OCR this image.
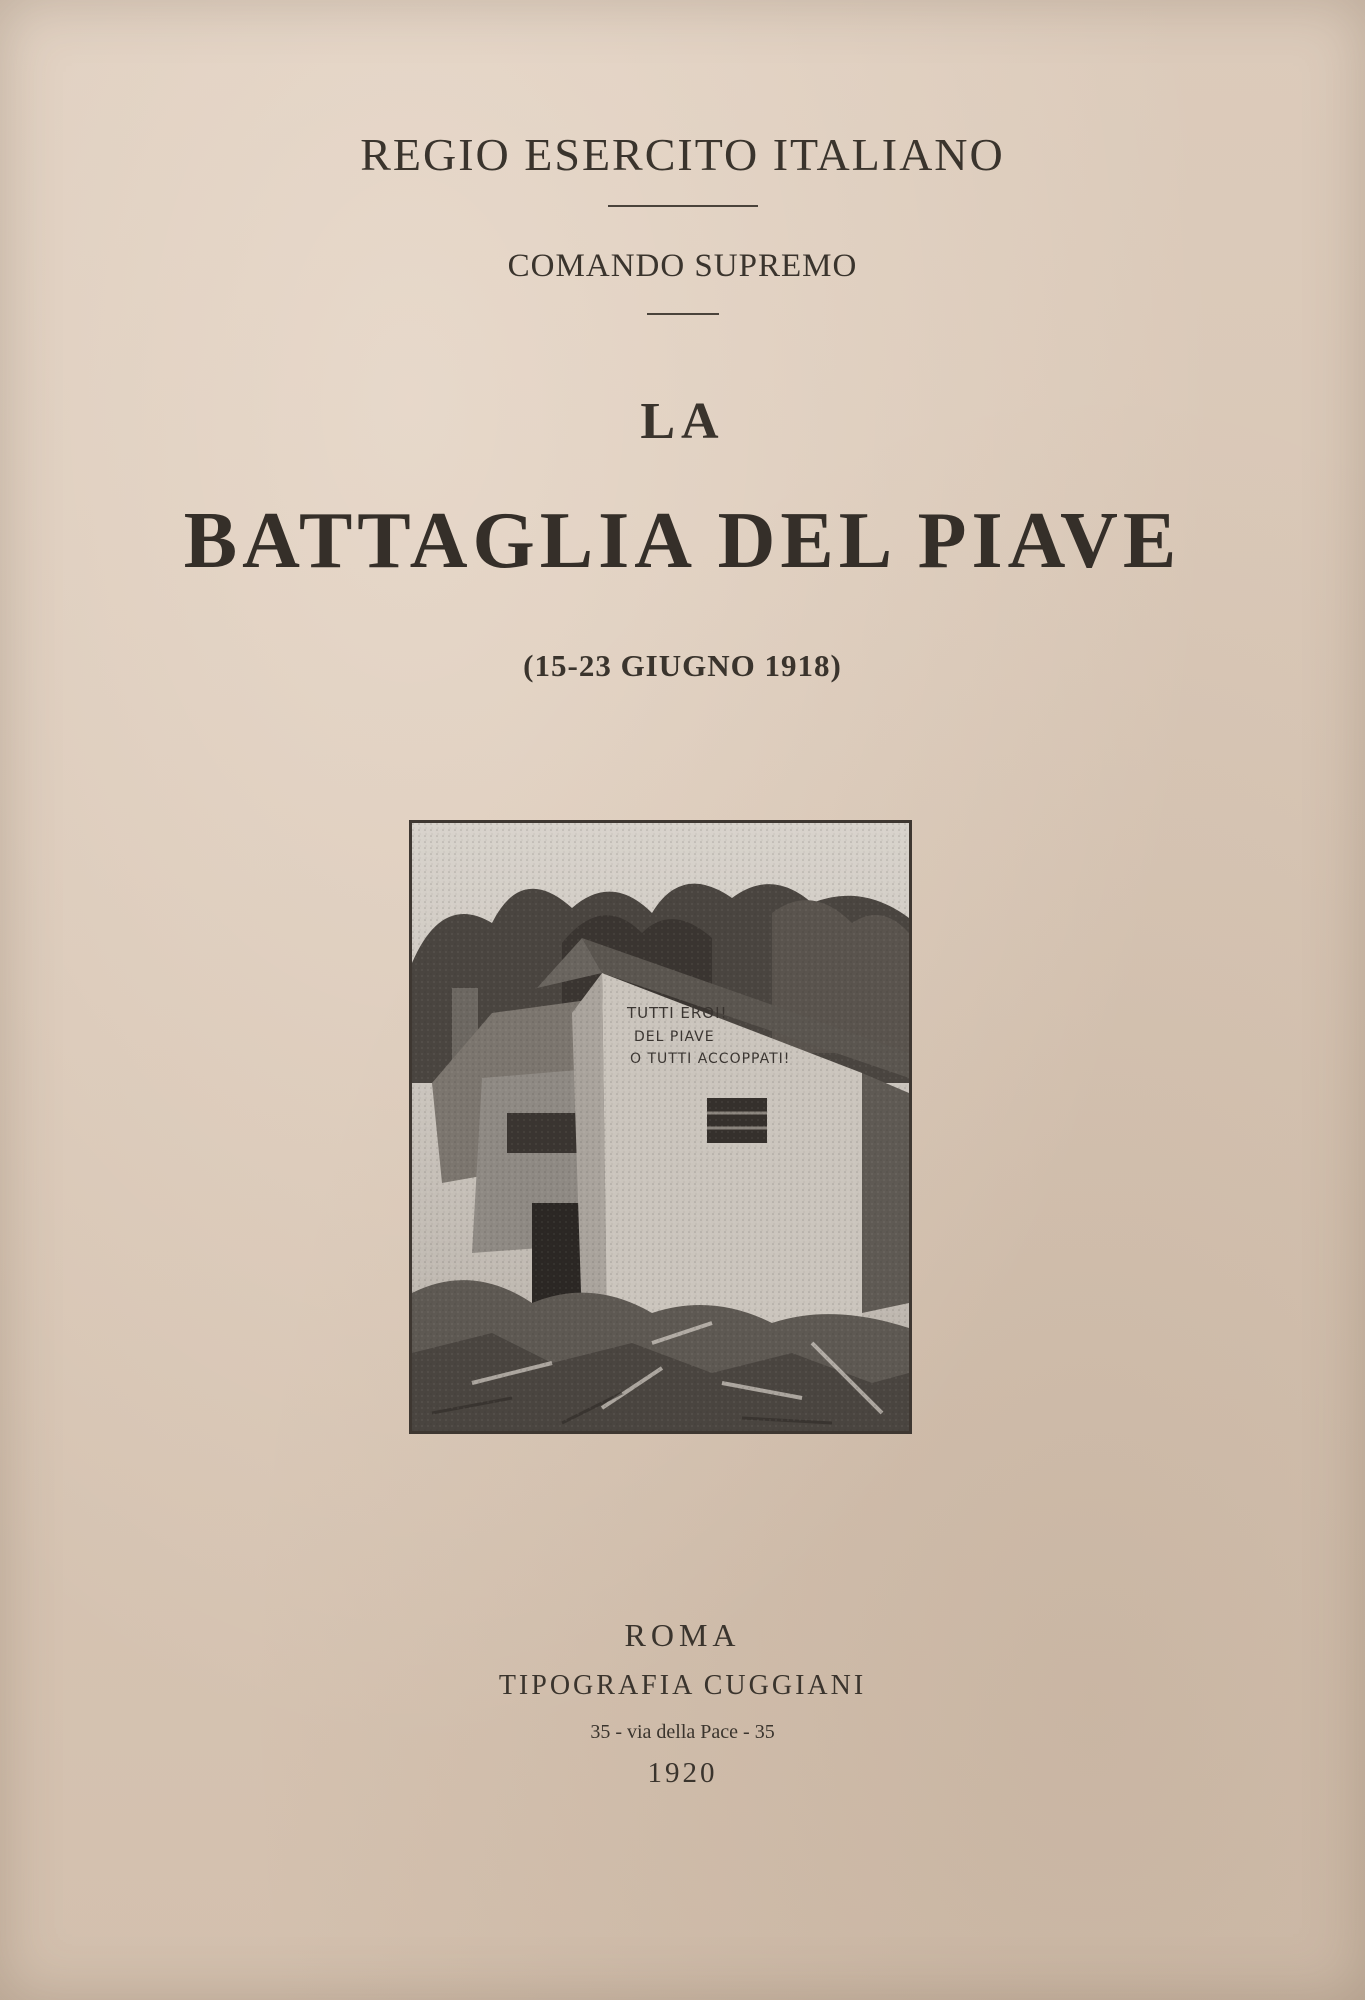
REGIO ESERCITO ITALIANO
COMANDO SUPREMO
LA
BATTAGLIA DEL PIAVE
(15-23 GIUGNO 1918)
ROMA
TIPOGRAFIA CUGGIANI
35 - via della Pace - 35
1920
